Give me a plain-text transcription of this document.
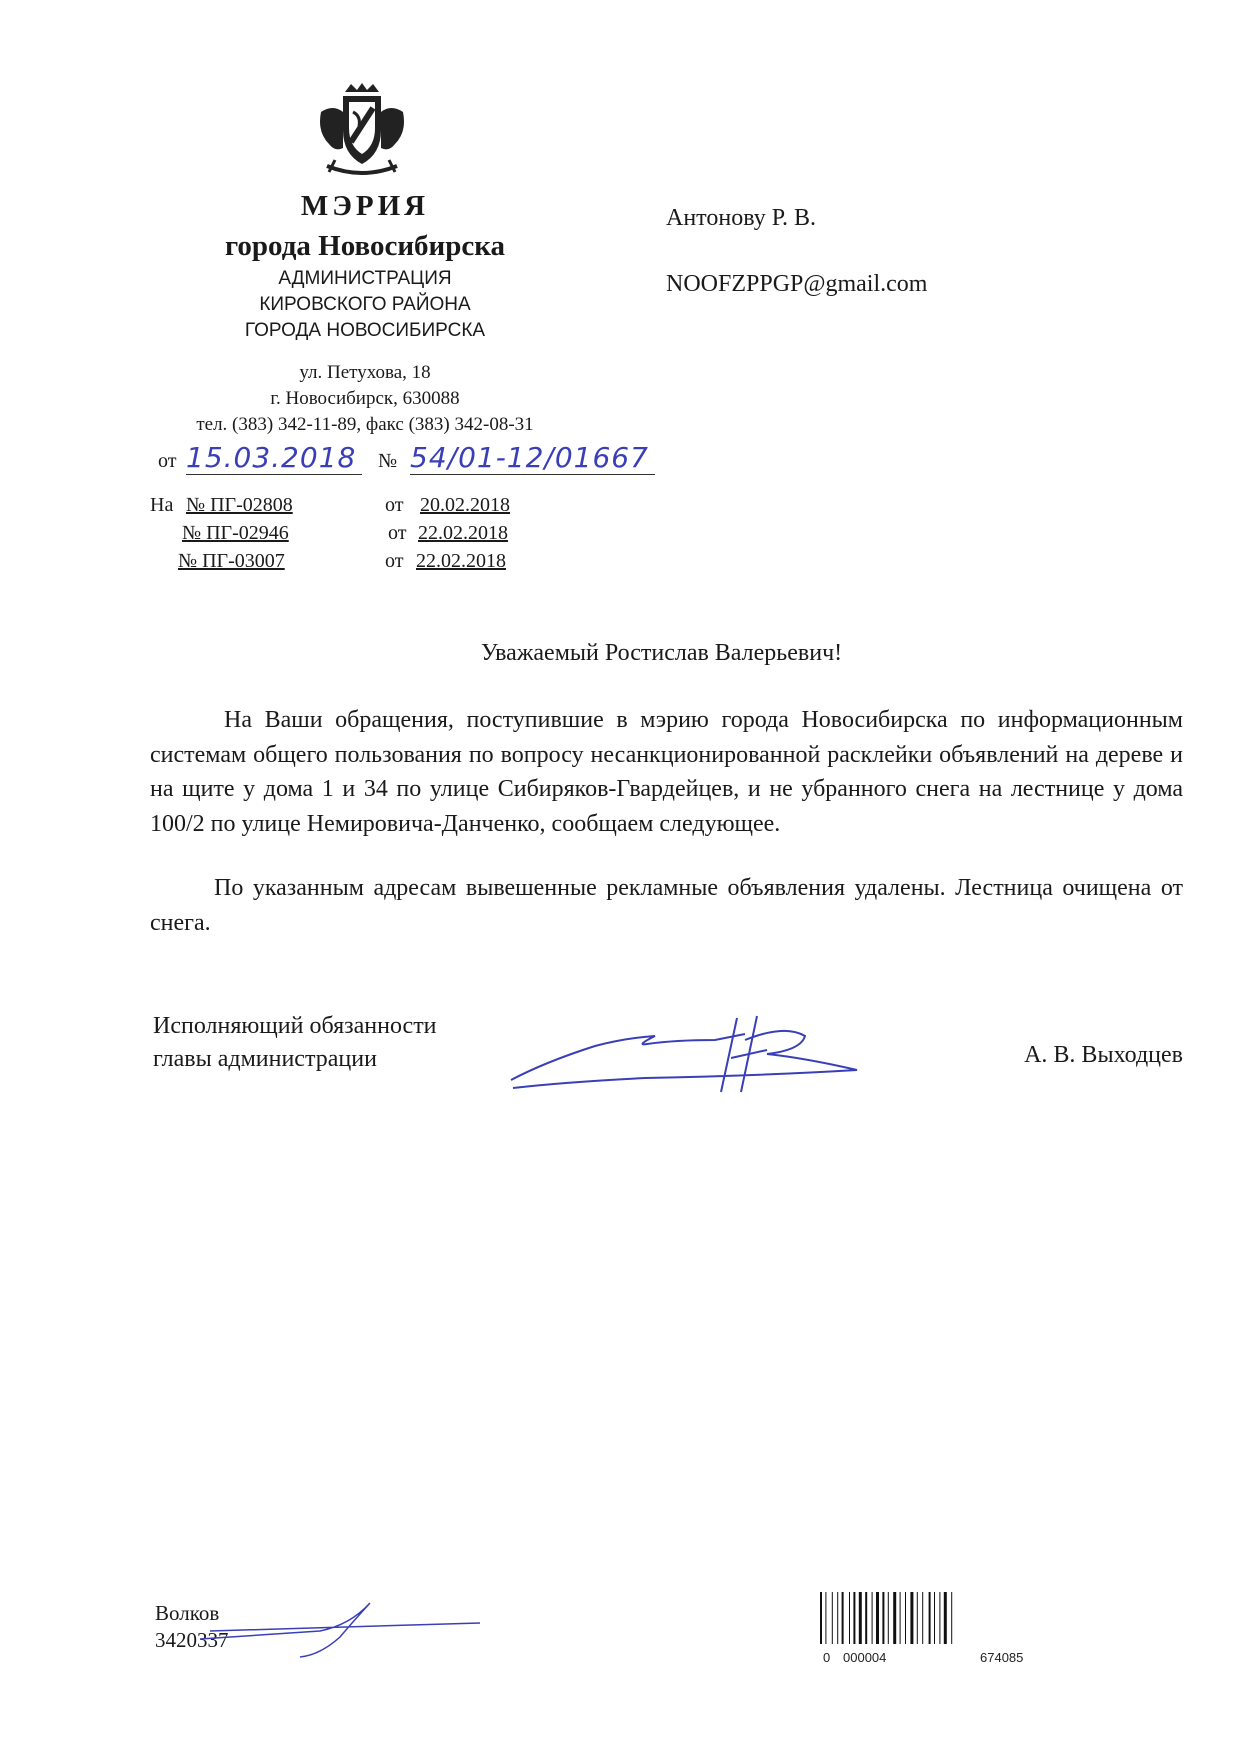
МЭРИЯ
города Новосибирска
АДМИНИСТРАЦИЯ
КИРОВСКОГО РАЙОНА
ГОРОДА НОВОСИБИРСКА
ул. Петухова, 18
г. Новосибирск, 630088
тел. (383) 342-11-89, факс (383) 342-08-31
от 15.03.2018 № 54/01-12/01667
На № ПГ-02808	от 20.02.2018
№ ПГ-02946	от 22.02.2018
№ ПГ-03007	от 22.02.2018
Антонову Р. В.
NOOFZPPGP@gmail.com
Уважаемый Ростислав Валерьевич!
На Ваши обращения, поступившие в мэрию города Новосибирска по информационным системам общего пользования по вопросу несанкционированной расклейки объявлений на дереве и на щите у дома 1 и 34 по улице Сибиряков-Гвардейцев, и не убранного снега на лестнице у дома 100/2 по улице Немировича-Данченко, сообщаем следующее.
По указанным адресам вывешенные рекламные объявления удалены. Лестница очищена от снега.
Исполняющий обязанности
главы администрации	А. В. Выходцев
Волков
3420337
0 000004	674085
